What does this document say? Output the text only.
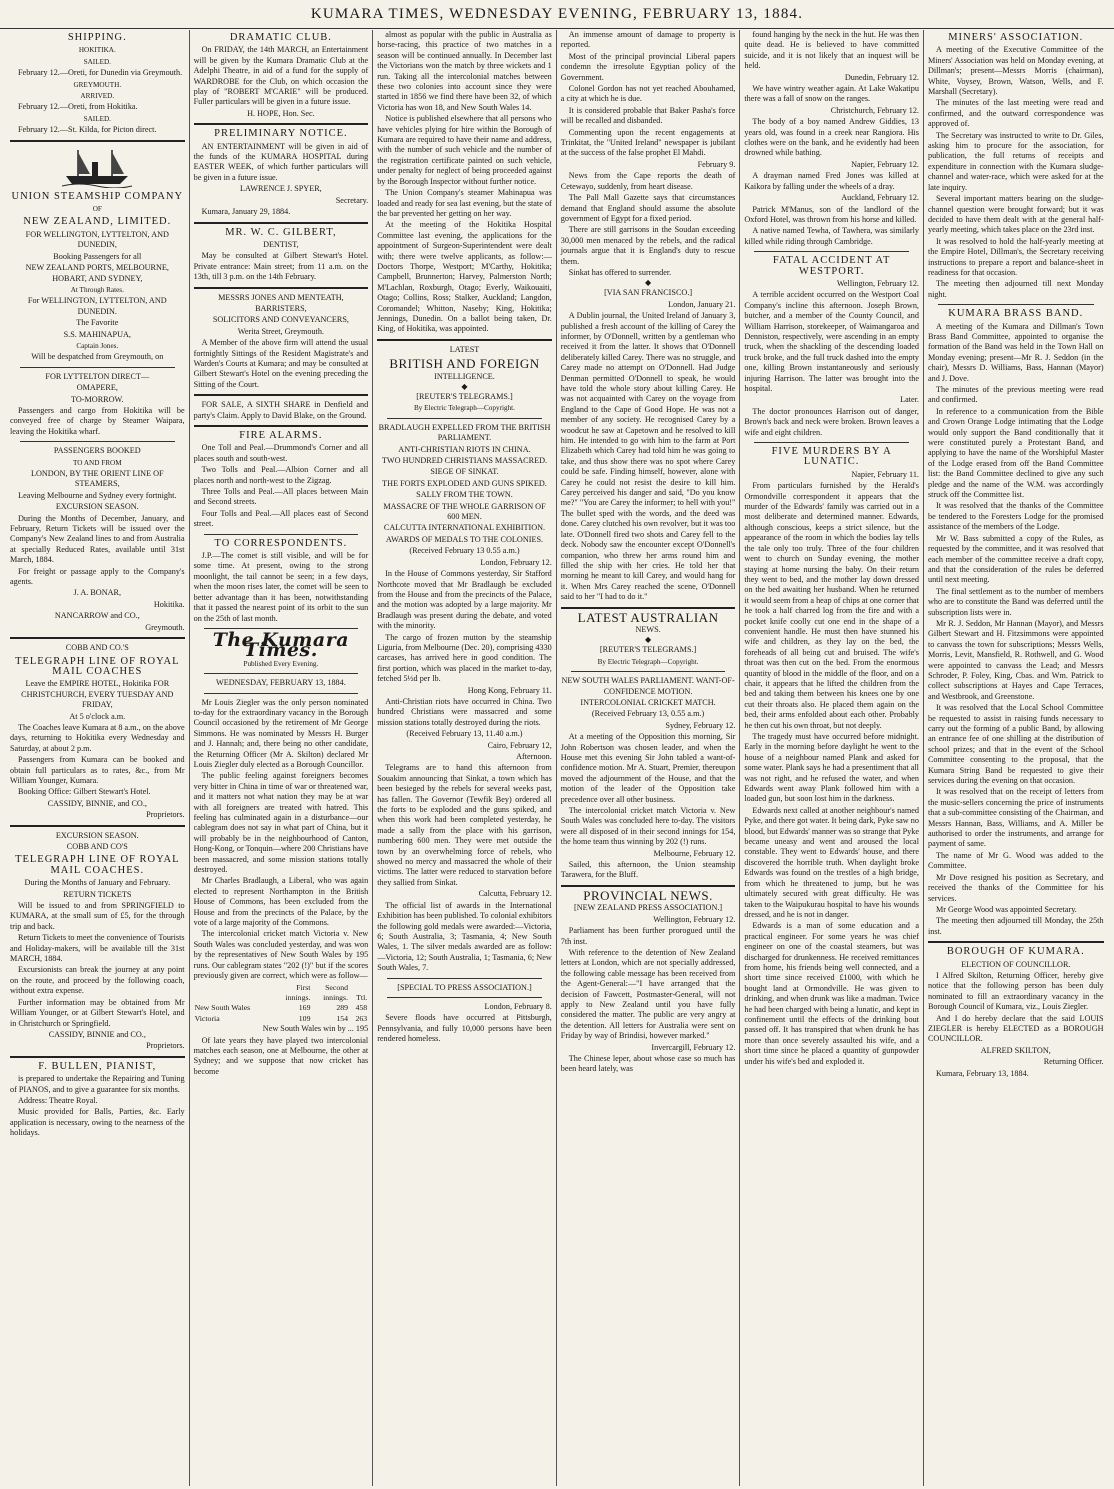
KUMARA TIMES, WEDNESDAY EVENING, FEBRUARY 13, 1884.

SHIPPING.

HOKITIKA.

SAILED.

February 12.—Oreti, for Dunedin via Greymouth.

GREYMOUTH.

ARRIVED.

February 12.—Oreti, from Hokitika.

SAILED.

February 12.—St. Kilda, for Picton direct.

UNION STEAMSHIP COMPANY

OF

NEW ZEALAND, LIMITED.

FOR WELLINGTON, LYTTELTON, AND DUNEDIN,

Booking Passengers for all

NEW ZEALAND PORTS, MELBOURNE, HOBART, AND SYDNEY,

At Through Rates.

For WELLINGTON, LYTTELTON, AND DUNEDIN.

The Favorite

S.S. MAHINAPUA,

Captain Jones.

Will be despatched from Greymouth, on

FOR LYTTELTON DIRECT—

OMAPERE,

TO-MORROW.

Passengers and cargo from Hokitika will be conveyed free of charge by Steamer Waipara, leaving the Hokitika wharf.

PASSENGERS BOOKED

TO AND FROM

LONDON, BY THE ORIENT LINE OF STEAMERS,

Leaving Melbourne and Sydney every fortnight.

EXCURSION SEASON.

During the Months of December, January, and February, Return Tickets will be issued over the Company's New Zealand lines to and from Australia at specially Reduced Rates, available until 31st March, 1884.

For freight or passage apply to the Company's agents.

J. A. BONAR,

Hokitika.

NANCARROW and CO.,

Greymouth.

COBB AND CO.'S

TELEGRAPH LINE OF ROYAL MAIL COACHES

Leave the EMPIRE HOTEL, Hokitika FOR CHRISTCHURCH, EVERY TUESDAY AND FRIDAY,

At 5 o'clock a.m.

The Coaches leave Kumara at 8 a.m., on the above days, returning to Hokitika every Wednesday and Saturday, at about 2 p.m.

Passengers from Kumara can be booked and obtain full particulars as to rates, &c., from Mr William Younger, Kumara.

Booking Office: Gilbert Stewart's Hotel.

CASSIDY, BINNIE, and CO.,

Proprietors.

EXCURSION SEASON.

COBB AND CO'S

TELEGRAPH LINE OF ROYAL MAIL COACHES.

During the Months of January and February.

RETURN TICKETS

Will be issued to and from SPRINGFIELD to KUMARA, at the small sum of £5, for the through trip and back.

Return Tickets to meet the convenience of Tourists and Holiday-makers, will be available till the 31st MARCH, 1884.

Excursionists can break the journey at any point on the route, and proceed by the following coach, without extra expense.

Further information may be obtained from Mr William Younger, or at Gilbert Stewart's Hotel, and in Christchurch or Springfield.

CASSIDY, BINNIE and CO.,

Proprietors.

F. BULLEN, PIANIST,

is prepared to undertake the Repairing and Tuning of PIANOS, and to give a guarantee for six months.

Address: Theatre Royal.

Music provided for Balls, Parties, &c. Early application is necessary, owing to the nearness of the holidays.

DRAMATIC CLUB.

On FRIDAY, the 14th MARCH, an Entertainment will be given by the Kumara Dramatic Club at the Adelphi Theatre, in aid of a fund for the supply of WARDROBE for the Club, on which occasion the play of "ROBERT M'CARIE" will be produced. Fuller particulars will be given in a future issue.

H. HOPE, Hon. Sec.

PRELIMINARY NOTICE.

AN ENTERTAINMENT will be given in aid of the funds of the KUMARA HOSPITAL during EASTER WEEK, of which further particulars will be given in a future issue.

LAWRENCE J. SPYER,

Secretary.

Kumara, January 29, 1884.

MR. W. C. GILBERT,

DENTIST,

May be consulted at Gilbert Stewart's Hotel. Private entrance: Main street; from 11 a.m. on the 13th, till 3 p.m. on the 14th February.

MESSRS JONES AND MENTEATH,

BARRISTERS,

SOLICITORS AND CONVEYANCERS,

Werita Street, Greymouth.

A Member of the above firm will attend the usual fortnightly Sittings of the Resident Magistrate's and Warden's Courts at Kumara; and may be consulted at Gilbert Stewart's Hotel on the evening preceding the Sitting of the Court.

FOR SALE, A SIXTH SHARE in Denfield and party's Claim. Apply to David Blake, on the Ground.

FIRE ALARMS.

One Toll and Peal.—Drummond's Corner and all places south and south-west.

Two Tolls and Peal.—Albion Corner and all places north and north-west to the Zigzag.

Three Tolls and Peal.—All places between Main and Second streets.

Four Tolls and Peal.—All places east of Second street.

TO CORRESPONDENTS.

J.P.—The comet is still visible, and will be for some time. At present, owing to the strong moonlight, the tail cannot be seen; in a few days, when the moon rises later, the comet will be seen to better advantage than it has been, notwithstanding that it passed the nearest point of its orbit to the sun on the 25th of last month.

The Kumara Times.

Published Every Evening.

WEDNESDAY, FEBRUARY 13, 1884.

Mr Louis Ziegler was the only person nominated to-day for the extraordinary vacancy in the Borough Council occasioned by the retirement of Mr George Simmons. He was nominated by Messrs H. Burger and J. Hannah; and, there being no other candidate, the Returning Officer (Mr A. Skilton) declared Mr Louis Ziegler duly elected as a Borough Councillor.

The public feeling against foreigners becomes very bitter in China in time of war or threatened war, and it matters not what nation they may be at war with all foreigners are treated with hatred. This feeling has culminated again in a disturbance—our cablegram does not say in what part of China, but it will probably be in the neighbourhood of Canton, Hong-Kong, or Tonquin—where 200 Christians have been massacred, and some mission stations totally destroyed.

Mr Charles Bradlaugh, a Liberal, who was again elected to represent Northampton in the British House of Commons, has been excluded from the House and from the precincts of the Palace, by the vote of a large majority of the Commons.

The intercolonial cricket match Victoria v. New South Wales was concluded yesterday, and was won by the representatives of New South Wales by 195 runs. Our cablegram states "202 (!)" but if the scores previously given are correct, which were as follow—

	First	Second	
	innings.	innings.	Ttl.
New South Wales	169	289	458
Victoria	109	154	263

New South Wales win by ... 195

Of late years they have played two intercolonial matches each season, one at Melbourne, the other at Sydney; and we suppose that now cricket has become

almost as popular with the public in Australia as horse-racing, this practice of two matches in a season will be continued annually. In December last the Victorians won the match by three wickets and 1 run. Taking all the intercolonial matches between these two colonies into account since they were started in 1856 we find there have been 32, of which Victoria has won 18, and New South Wales 14.

Notice is published elsewhere that all persons who have vehicles plying for hire within the Borough of Kumara are required to have their name and address, with the number of such vehicle and the number of the registration certificate painted on such vehicle, under penalty for neglect of being proceeded against by the Borough Inspector without further notice.

The Union Company's steamer Mahinapua was loaded and ready for sea last evening, but the state of the bar prevented her getting on her way.

At the meeting of the Hokitika Hospital Committee last evening, the applications for the appointment of Surgeon-Superintendent were dealt with; there were twelve applicants, as follow:—Doctors Thorpe, Westport; M'Carthy, Hokitika; Campbell, Brunnerton; Harvey, Palmerston North; M'Lachlan, Roxburgh, Otago; Everly, Waikouaiti, Otago; Collins, Ross; Stalker, Auckland; Langdon, Coromandel; Whitton, Naseby; King, Hokitika; Jennings, Dunedin. On a ballot being taken, Dr. King, of Hokitika, was appointed.

LATEST

BRITISH AND FOREIGN

INTELLIGENCE.

◆

[REUTER'S TELEGRAMS.]

By Electric Telegraph—Copyright.

BRADLAUGH EXPELLED FROM THE BRITISH PARLIAMENT.

ANTI-CHRISTIAN RIOTS IN CHINA.

TWO HUNDRED CHRISTIANS MASSACRED.

SIEGE OF SINKAT.

THE FORTS EXPLODED AND GUNS SPIKED.

SALLY FROM THE TOWN.

MASSACRE OF THE WHOLE GARRISON OF 600 MEN.

CALCUTTA INTERNATIONAL EXHIBITION.

AWARDS OF MEDALS TO THE COLONIES.

(Received February 13 0.55 a.m.)

London, February 12.

In the House of Commons yesterday, Sir Stafford Northcote moved that Mr Bradlaugh be excluded from the House and from the precincts of the Palace, and the motion was adopted by a large majority. Mr Bradlaugh was present during the debate, and voted with the minority.

The cargo of frozen mutton by the steamship Liguria, from Melbourne (Dec. 20), comprising 4330 carcases, has arrived here in good condition. The first portion, which was placed in the market to-day, fetched 5½d per lb.

Hong Kong, February 11.

Anti-Christian riots have occurred in China. Two hundred Christians were massacred and some mission stations totally destroyed during the riots.

(Received February 13, 11.40 a.m.)

Cairo, February 12,

Afternoon.

Telegrams are to hand this afternoon from Souakim announcing that Sinkat, a town which has been besieged by the rebels for several weeks past, has fallen. The Governor (Tewfik Bey) ordered all the forts to be exploded and the guns spiked, and when this work had been completed yesterday, he made a sally from the place with his garrison, numbering 600 men. They were met outside the town by an overwhelming force of rebels, who showed no mercy and massacred the whole of their victims. The latter were reduced to starvation before they sallied from Sinkat.

Calcutta, February 12.

The official list of awards in the International Exhibition has been published. To colonial exhibitors the following gold medals were awarded:—Victoria, 6; South Australia, 3; Tasmania, 4; New South Wales, 1. The silver medals awarded are as follow:—Victoria, 12; South Australia, 1; Tasmania, 6; New South Wales, 7.

[SPECIAL TO PRESS ASSOCIATION.]

London, February 8.

Severe floods have occurred at Pittsburgh, Pennsylvania, and fully 10,000 persons have been rendered homeless.

An immense amount of damage to property is reported.

Most of the principal provincial Liberal papers condemn the irresolute Egyptian policy of the Government.

Colonel Gordon has not yet reached Abouhamed, a city at which he is due.

It is considered probable that Baker Pasha's force will be recalled and disbanded.

Commenting upon the recent engagements at Trinkitat, the "United Ireland" newspaper is jubilant at the success of the false prophet El Mahdi.

February 9.

News from the Cape reports the death of Cetewayo, suddenly, from heart disease.

The Pall Mall Gazette says that circumstances demand that England should assume the absolute government of Egypt for a fixed period.

There are still garrisons in the Soudan exceeding 30,000 men menaced by the rebels, and the radical journals argue that it is England's duty to rescue them.

Sinkat has offered to surrender.

◆

[VIA SAN FRANCISCO.]

London, January 21.

A Dublin journal, the United Ireland of January 3, published a fresh account of the killing of Carey the informer, by O'Donnell, written by a gentleman who received it from the latter. It shows that O'Donnell deliberately killed Carey. There was no struggle, and Carey made no attempt on O'Donnell. Had Judge Denman permitted O'Donnell to speak, he would have told the whole story about killing Carey. He was not acquainted with Carey on the voyage from England to the Cape of Good Hope. He was not a member of any society. He recognised Carey by a woodcut he saw at Capetown and he resolved to kill him. He intended to go with him to the farm at Port Elizabeth which Carey had told him he was going to take, and thus show there was no spot where Carey could be safe. Finding himself, however, alone with Carey he could not resist the desire to kill him. Carey perceived his danger and said, "Do you know me?" "You are Carey the informer; to hell with you!" The bullet sped with the words, and the deed was done. Carey clutched his own revolver, but it was too late. O'Donnell fired two shots and Carey fell to the deck. Nobody saw the encounter except O'Donnell's companion, who threw her arms round him and filled the ship with her cries. He told her that morning he meant to kill Carey, and would hang for it. When Mrs Carey reached the scene, O'Donnell said to her "I had to do it."

LATEST AUSTRALIAN

NEWS.

◆

[REUTER'S TELEGRAMS.]

By Electric Telegraph—Copyright.

NEW SOUTH WALES PARLIAMENT. WANT-OF-CONFIDENCE MOTION.

INTERCOLONIAL CRICKET MATCH.

(Received February 13, 0.55 a.m.)

Sydney, February 12.

At a meeting of the Opposition this morning, Sir John Robertson was chosen leader, and when the House met this evening Sir John tabled a want-of-confidence motion. Mr A. Stuart, Premier, thereupon moved the adjournment of the House, and that the motion of the leader of the Opposition take precedence over all other business.

The intercolonial cricket match Victoria v. New South Wales was concluded here to-day. The visitors were all disposed of in their second innings for 154, the home team thus winning by 202 (!) runs.

Melbourne, February 12.

Sailed, this afternoon, the Union steamship Tarawera, for the Bluff.

PROVINCIAL NEWS.

[NEW ZEALAND PRESS ASSOCIATION.]

Wellington, February 12.

Parliament has been further prorogued until the 7th inst.

With reference to the detention of New Zealand letters at London, which are not specially addressed, the following cable message has been received from the Agent-General:—"I have arranged that the decision of Fawcett, Postmaster-General, will not apply to New Zealand until you have fully considered the matter. The public are very angry at the detention. All letters for Australia were sent on Friday by way of Brindisi, however marked."

Invercargill, February 12.

The Chinese leper, about whose case so much has been heard lately, was

found hanging by the neck in the hut. He was then quite dead. He is believed to have committed suicide, and it is not likely that an inquest will be held.

Dunedin, February 12.

We have wintry weather again. At Lake Wakatipu there was a fall of snow on the ranges.

Christchurch, February 12.

The body of a boy named Andrew Giddies, 13 years old, was found in a creek near Rangiora. His clothes were on the bank, and he evidently had been drowned while bathing.

Napier, February 12.

A drayman named Fred Jones was killed at Kaikora by falling under the wheels of a dray.

Auckland, February 12.

Patrick M'Manus, son of the landlord of the Oxford Hotel, was thrown from his horse and killed.

A native named Tewha, of Tawhera, was similarly killed while riding through Cambridge.

FATAL ACCIDENT AT WESTPORT.

Wellington, February 12.

A terrible accident occurred on the Westport Coal Company's incline this afternoon. Joseph Brown, butcher, and a member of the County Council, and William Harrison, storekeeper, of Waimangaroa and Denniston, respectively, were ascending in an empty truck, when the shackling of the descending loaded truck broke, and the full truck dashed into the empty one, killing Brown instantaneously and seriously injuring Harrison. The latter was brought into the hospital.

Later.

The doctor pronounces Harrison out of danger, Brown's back and neck were broken. Brown leaves a wife and eight children.

FIVE MURDERS BY A LUNATIC.

Napier, February 11.

From particulars furnished by the Herald's Ormondville correspondent it appears that the murder of the Edwards' family was carried out in a most deliberate and determined manner. Edwards, although conscious, keeps a strict silence, but the appearance of the room in which the bodies lay tells the tale only too truly. Three of the four children went to church on Sunday evening, the mother staying at home nursing the baby. On their return they went to bed, and the mother lay down dressed on the bed awaiting her husband. When he returned it would seem from a heap of chips at one corner that he took a half charred log from the fire and with a pocket knife coolly cut one end in the shape of a convenient handle. He must then have stunned his wife and children, as they lay on the bed, the foreheads of all being cut and bruised. The wife's throat was then cut on the bed. From the enormous quantity of blood in the middle of the floor, and on a chair, it appears that he lifted the children from the bed and taking them between his knees one by one cut their throats also. He placed them again on the bed, their arms enfolded about each other. Probably he then cut his own throat, but not deeply.

The tragedy must have occurred before midnight. Early in the morning before daylight he went to the house of a neighbour named Plank and asked for some water. Plank says he had a presentiment that all was not right, and he refused the water, and when Edwards went away Plank followed him with a loaded gun, but soon lost him in the darkness.

Edwards next called at another neighbour's named Pyke, and there got water. It being dark, Pyke saw no blood, but Edwards' manner was so strange that Pyke became uneasy and went and aroused the local constable. They went to Edwards' house, and there discovered the horrible truth. When daylight broke Edwards was found on the trestles of a high bridge, from which he threatened to jump, but he was ultimately secured with great difficulty. He was taken to the Waipukurau hospital to have his wounds dressed, and he is not in danger.

Edwards is a man of some education and a practical engineer. For some years he was chief engineer on one of the coastal steamers, but was discharged for drunkenness. He received remittances from home, his friends being well connected, and a short time since received £1000, with which he bought land at Ormondville. He was given to drinking, and when drunk was like a madman. Twice he had been charged with being a lunatic, and kept in confinement until the effects of the drinking bout passed off. It has transpired that when drunk he has more than once severely assaulted his wife, and a short time since he placed a quantity of gunpowder under his wife's bed and exploded it.

MINERS' ASSOCIATION.

A meeting of the Executive Committee of the Miners' Association was held on Monday evening, at Dillman's; present—Messrs Morris (chairman), White, Voysey, Brown, Watson, Wells, and F. Marshall (Secretary).

The minutes of the last meeting were read and confirmed, and the outward correspondence was approved of.

The Secretary was instructed to write to Dr. Giles, asking him to procure for the association, for publication, the full returns of receipts and expenditure in connection with the Kumara sludge-channel and water-race, which were asked for at the late inquiry.

Several important matters bearing on the sludge-channel question were brought forward; but it was decided to have them dealt with at the general half-yearly meeting, which takes place on the 23rd inst.

It was resolved to hold the half-yearly meeting at the Empire Hotel, Dillman's, the Secretary receiving instructions to prepare a report and balance-sheet in readiness for that occasion.

The meeting then adjourned till next Monday night.

KUMARA BRASS BAND.

A meeting of the Kumara and Dillman's Town Brass Band Committee, appointed to organise the formation of the Band was held in the Town Hall on Monday evening; present—Mr R. J. Seddon (in the chair), Messrs D. Williams, Bass, Hannan (Mayor) and J. Dove.

The minutes of the previous meeting were read and confirmed.

In reference to a communication from the Bible and Crown Orange Lodge intimating that the Lodge would only support the Band conditionally that it were constituted purely a Protestant Band, and applying to have the name of the Worshipful Master of the Lodge erased from off the Band Committee list: the Band Committee declined to give any such pledge and the name of the W.M. was accordingly struck off the Committee list.

It was resolved that the thanks of the Committee be tendered to the Foresters Lodge for the promised assistance of the members of the Lodge.

Mr W. Bass submitted a copy of the Rules, as requested by the committee, and it was resolved that each member of the committee receive a draft copy, and that the consideration of the rules be deferred until next meeting.

The final settlement as to the number of members who are to constitute the Band was deferred until the subscription lists were in.

Mr R. J. Seddon, Mr Hannan (Mayor), and Messrs Gilbert Stewart and H. Fitzsimmons were appointed to canvass the town for subscriptions; Messrs Wells, Morris, Levit, Mansfield, R. Rothwell, and G. Wood were appointed to canvass the Lead; and Messrs Schroder, P. Foley, King, Cbas. and Wm. Patrick to collect subscriptions at Hayes and Cape Terraces, and Westbrook, and Greenstone.

It was resolved that the Local School Committee be requested to assist in raising funds necessary to carry out the forming of a public Band, by allowing an entrance fee of one shilling at the distribution of school prizes; and that in the event of the School Committee consenting to the proposal, that the Kumara String Band be requested to give their services during the evening on that occasion.

It was resolved that on the receipt of letters from the music-sellers concerning the price of instruments that a sub-committee consisting of the Chairman, and Messrs Hannan, Bass, Williams, and A. Miller be authorised to order the instruments, and arrange for payment of same.

The name of Mr G. Wood was added to the Committee.

Mr Dove resigned his position as Secretary, and received the thanks of the Committee for his services.

Mr George Wood was appointed Secretary.

The meeting then adjourned till Monday, the 25th inst.

BOROUGH OF KUMARA.

ELECTION OF COUNCILLOR.

I Alfred Skilton, Returning Officer, hereby give notice that the following person has been duly nominated to fill an extraordinary vacancy in the Borough Council of Kumara, viz., Louis Ziegler.

And I do hereby declare that the said LOUIS ZIEGLER is hereby ELECTED as a BOROUGH COUNCILLOR.

ALFRED SKILTON,

Returning Officer.

Kumara, February 13, 1884.
